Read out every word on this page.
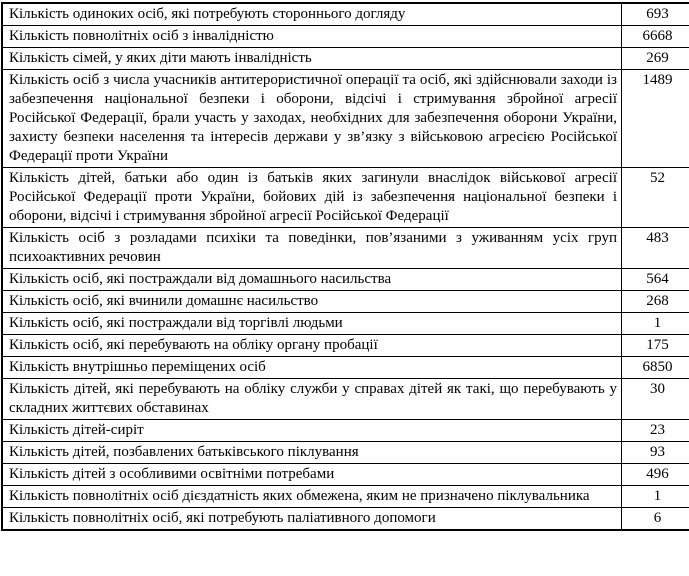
Кількість одиноких осіб, які потребують стороннього догляду	693
Кількість повнолітніх осіб з інвалідністю	6668
Кількість сімей, у яких діти мають інвалідність	269
Кількість осіб з числа учасників антитерористичної операції та осіб, які здійснювали заходи із забезпечення національної безпеки і оборони, відсічі і стримування збройної агресії Російської Федерації, брали участь у заходах, необхідних для забезпечення оборони України, захисту безпеки населення та інтересів держави у зв’язку з військовою агресією Російської Федерації проти України	1489
Кількість дітей, батьки або один із батьків яких загинули внаслідок військової агресії Російської Федерації проти України, бойових дій із забезпечення національної безпеки і оборони, відсічі і стримування збройної агресії Російської Федерації	52
Кількість осіб з розладами психіки та поведінки, пов’язаними з уживанням усіх груп психоактивних речовин	483
Кількість осіб, які постраждали від домашнього насильства	564
Кількість осіб, які вчинили домашнє насильство	268
Кількість осіб, які постраждали від торгівлі людьми	1
Кількість осіб, які перебувають на обліку органу пробації	175
Кількість внутрішньо переміщених осіб	6850
Кількість дітей, які перебувають на обліку служби у справах дітей як такі, що перебувають у складних життєвих обставинах	30
Кількість дітей-сиріт	23
Кількість дітей, позбавлених батьківського піклування	93
Кількість дітей з особливими освітніми потребами	496
Кількість повнолітніх осіб дієздатність яких обмежена, яким не призначено піклувальника	1
Кількість повнолітніх осіб, які потребують паліативного допомоги	6
